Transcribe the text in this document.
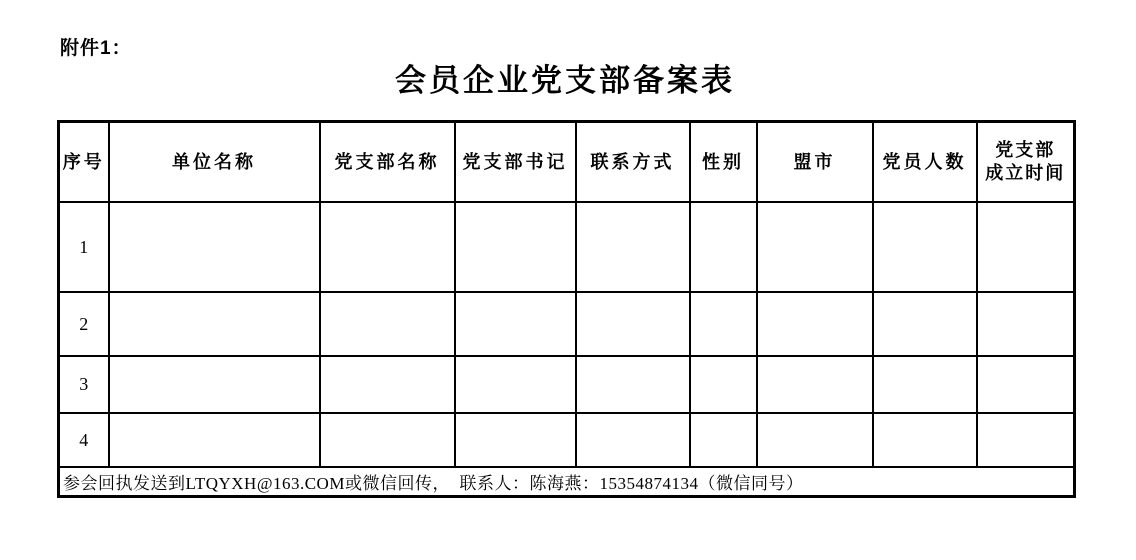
附件1：
会员企业党支部备案表
序号	单位名称	党支部名称	党支部书记	联系方式	性别	盟市	党员人数	党支部
成立时间
1								
2								
3								
4								
参会回执发送到LTQYXH@163.COM或微信回传，  联系人：陈海燕：15354874134（微信同号）								
